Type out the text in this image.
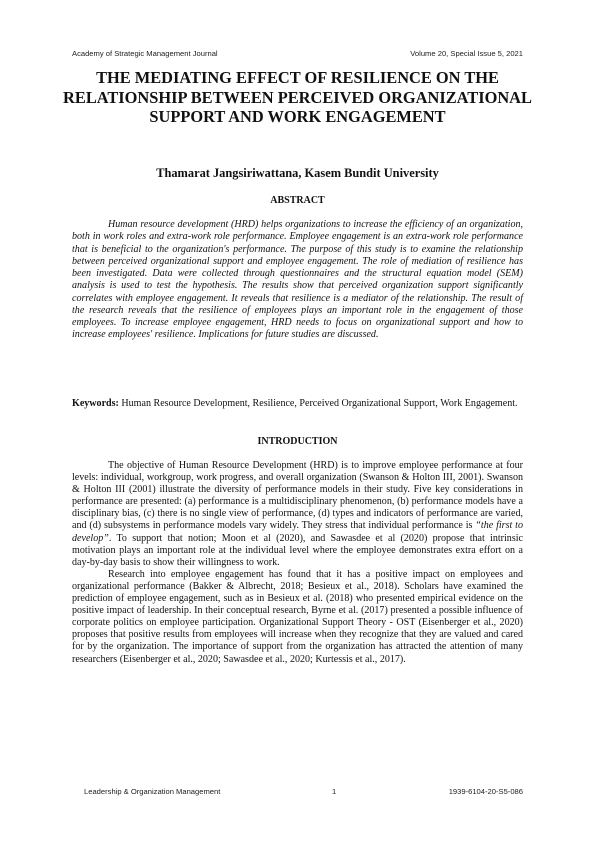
Academy of Strategic Management Journal	Volume 20, Special Issue 5, 2021
THE MEDIATING EFFECT OF RESILIENCE ON THE RELATIONSHIP BETWEEN PERCEIVED ORGANIZATIONAL SUPPORT AND WORK ENGAGEMENT

Thamarat Jangsiriwattana, Kasem Bundit University

ABSTRACT

Human resource development (HRD) helps organizations to increase the efficiency of an organization, both in work roles and extra-work role performance. Employee engagement is an extra-work role performance that is beneficial to the organization's performance. The purpose of this study is to examine the relationship between perceived organizational support and employee engagement. The role of mediation of resilience has been investigated. Data were collected through questionnaires and the structural equation model (SEM) analysis is used to test the hypothesis. The results show that perceived organization support significantly correlates with employee engagement. It reveals that resilience is a mediator of the relationship. The result of the research reveals that the resilience of employees plays an important role in the engagement of those employees. To increase employee engagement, HRD needs to focus on organizational support and how to increase employees' resilience. Implications for future studies are discussed.

Keywords: Human Resource Development, Resilience, Perceived Organizational Support, Work Engagement.

INTRODUCTION

The objective of Human Resource Development (HRD) is to improve employee performance at four levels: individual, workgroup, work progress, and overall organization (Swanson & Holton III, 2001). Swanson & Holton III (2001) illustrate the diversity of performance models in their study. Five key considerations in performance are presented: (a) performance is a multidisciplinary phenomenon, (b) performance models have a disciplinary bias, (c) there is no single view of performance, (d) types and indicators of performance are varied, and (d) subsystems in performance models vary widely. They stress that individual performance is “the first to develop”. To support that notion; Moon et al (2020), and Sawasdee et al (2020) propose that intrinsic motivation plays an important role at the individual level where the employee demonstrates extra effort on a day-by-day basis to show their willingness to work.

Research into employee engagement has found that it has a positive impact on employees and organizational performance (Bakker & Albrecht, 2018; Besieux et al., 2018). Scholars have examined the prediction of employee engagement, such as in Besieux et al. (2018) who presented empirical evidence on the positive impact of leadership. In their conceptual research, Byrne et al. (2017) presented a possible influence of corporate politics on employee participation. Organizational Support Theory - OST (Eisenberger et al., 2020) proposes that positive results from employees will increase when they recognize that they are valued and cared for by the organization. The importance of support from the organization has attracted the attention of many researchers (Eisenberger et al., 2020; Sawasdee et al., 2020; Kurtessis et al., 2017).

Leadership & Organization Management	1	1939-6104-20-S5-086
